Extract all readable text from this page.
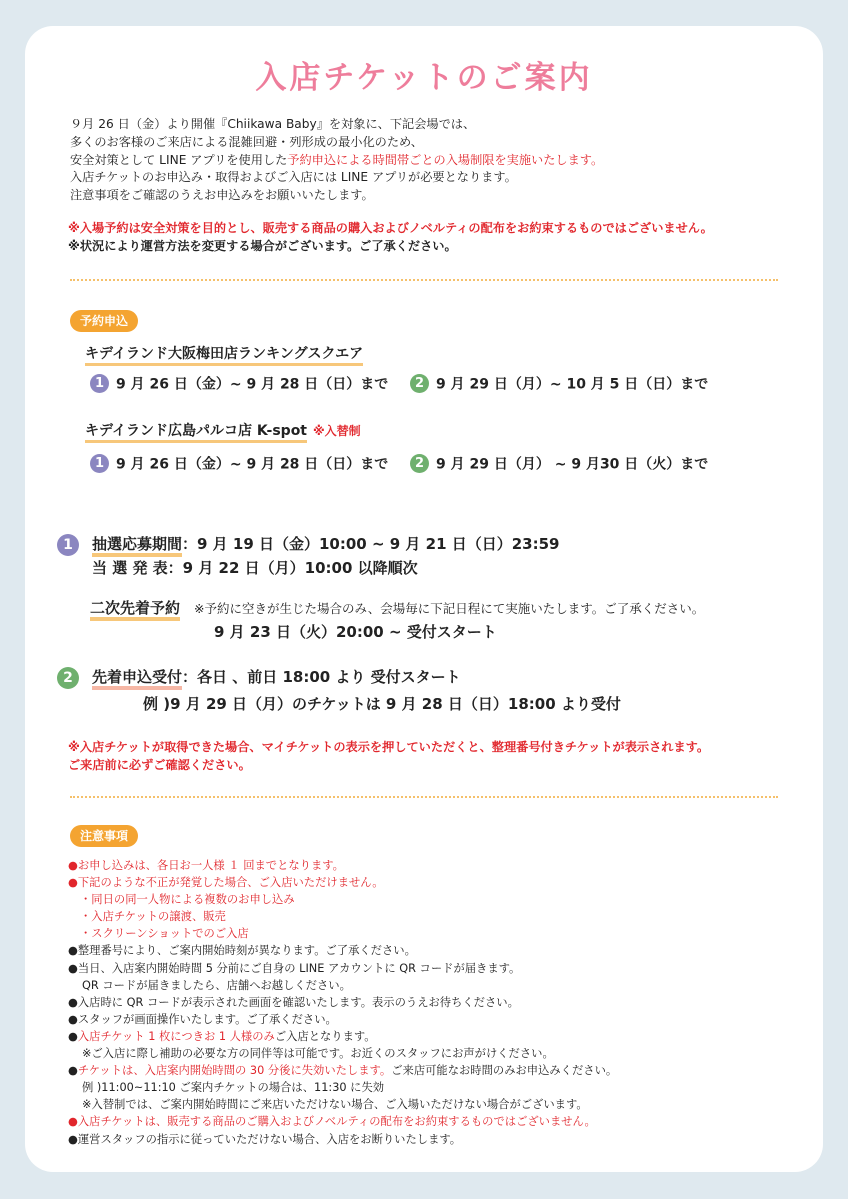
入店チケットのご案内
９月 26 日（金）より開催『Chiikawa Baby』を対象に、下記会場では、
多くのお客様のご来店による混雑回避・列形成の最小化のため、
安全対策として LINE アプリを使用した予約申込による時間帯ごとの入場制限を実施いたします。
入店チケットのお申込み・取得およびご入店には LINE アプリが必要となります。
注意事項をご確認のうえお申込みをお願いいたします。
※入場予約は安全対策を目的とし、販売する商品の購入およびノベルティの配布をお約束するものではございません。
※状況により運営方法を変更する場合がございます。ご了承ください。
予約申込
キデイランド大阪梅田店ランキングスクエア
1 9 月 26 日（金）~ 9 月 28 日（日）まで	2 9 月 29 日（月）~ 10 月 5 日（日）まで
キデイランド広島パルコ店 K-spot ※入替制
1 9 月 26 日（金）~ 9 月 28 日（日）まで	2 9 月 29 日（月） ~ 9 月30 日（火）まで
1 抽選応募期間：9 月 19 日（金）10:00 ~ 9 月 21 日（日）23:59
当 選 発 表：9 月 22 日（月）10:00 以降順次
二次先着予約 ※予約に空きが生じた場合のみ、会場毎に下記日程にて実施いたします。ご了承ください。
9 月 23 日（火）20:00 ~ 受付スタート
2 先着申込受付：各日 、前日 18:00 より 受付スタート
例 )9 月 29 日（月）のチケットは 9 月 28 日（日）18:00 より受付
※入店チケットが取得できた場合、マイチケットの表示を押していただくと、整理番号付きチケットが表示されます。
ご来店前に必ずご確認ください。
注意事項
●お申し込みは、各日お一人様 １ 回までとなります。
●下記のような不正が発覚した場合、ご入店いただけません。
・同日の同一人物による複数のお申し込み
・入店チケットの譲渡、販売
・スクリーンショットでのご入店
●整理番号により、ご案内開始時刻が異なります。ご了承ください。
●当日、入店案内開始時間 5 分前にご自身の LINE アカウントに QR コードが届きます。
QR コードが届きましたら、店舗へお越しください。
●入店時に QR コードが表示された画面を確認いたします。表示のうえお待ちください。
●スタッフが画面操作いたします。ご了承ください。
●入店チケット 1 枚につきお 1 人様のみご入店となります。
※ご入店に際し補助の必要な方の同伴等は可能です。お近くのスタッフにお声がけください。
●チケットは、入店案内開始時間の 30 分後に失効いたします。ご来店可能なお時間のみお申込みください。
例 )11:00~11:10 ご案内チケットの場合は、11:30 に失効
※入替制では、ご案内開始時間にご来店いただけない場合、ご入場いただけない場合がございます。
●入店チケットは、販売する商品のご購入およびノベルティの配布をお約束するものではございません。
●運営スタッフの指示に従っていただけない場合、入店をお断りいたします。
